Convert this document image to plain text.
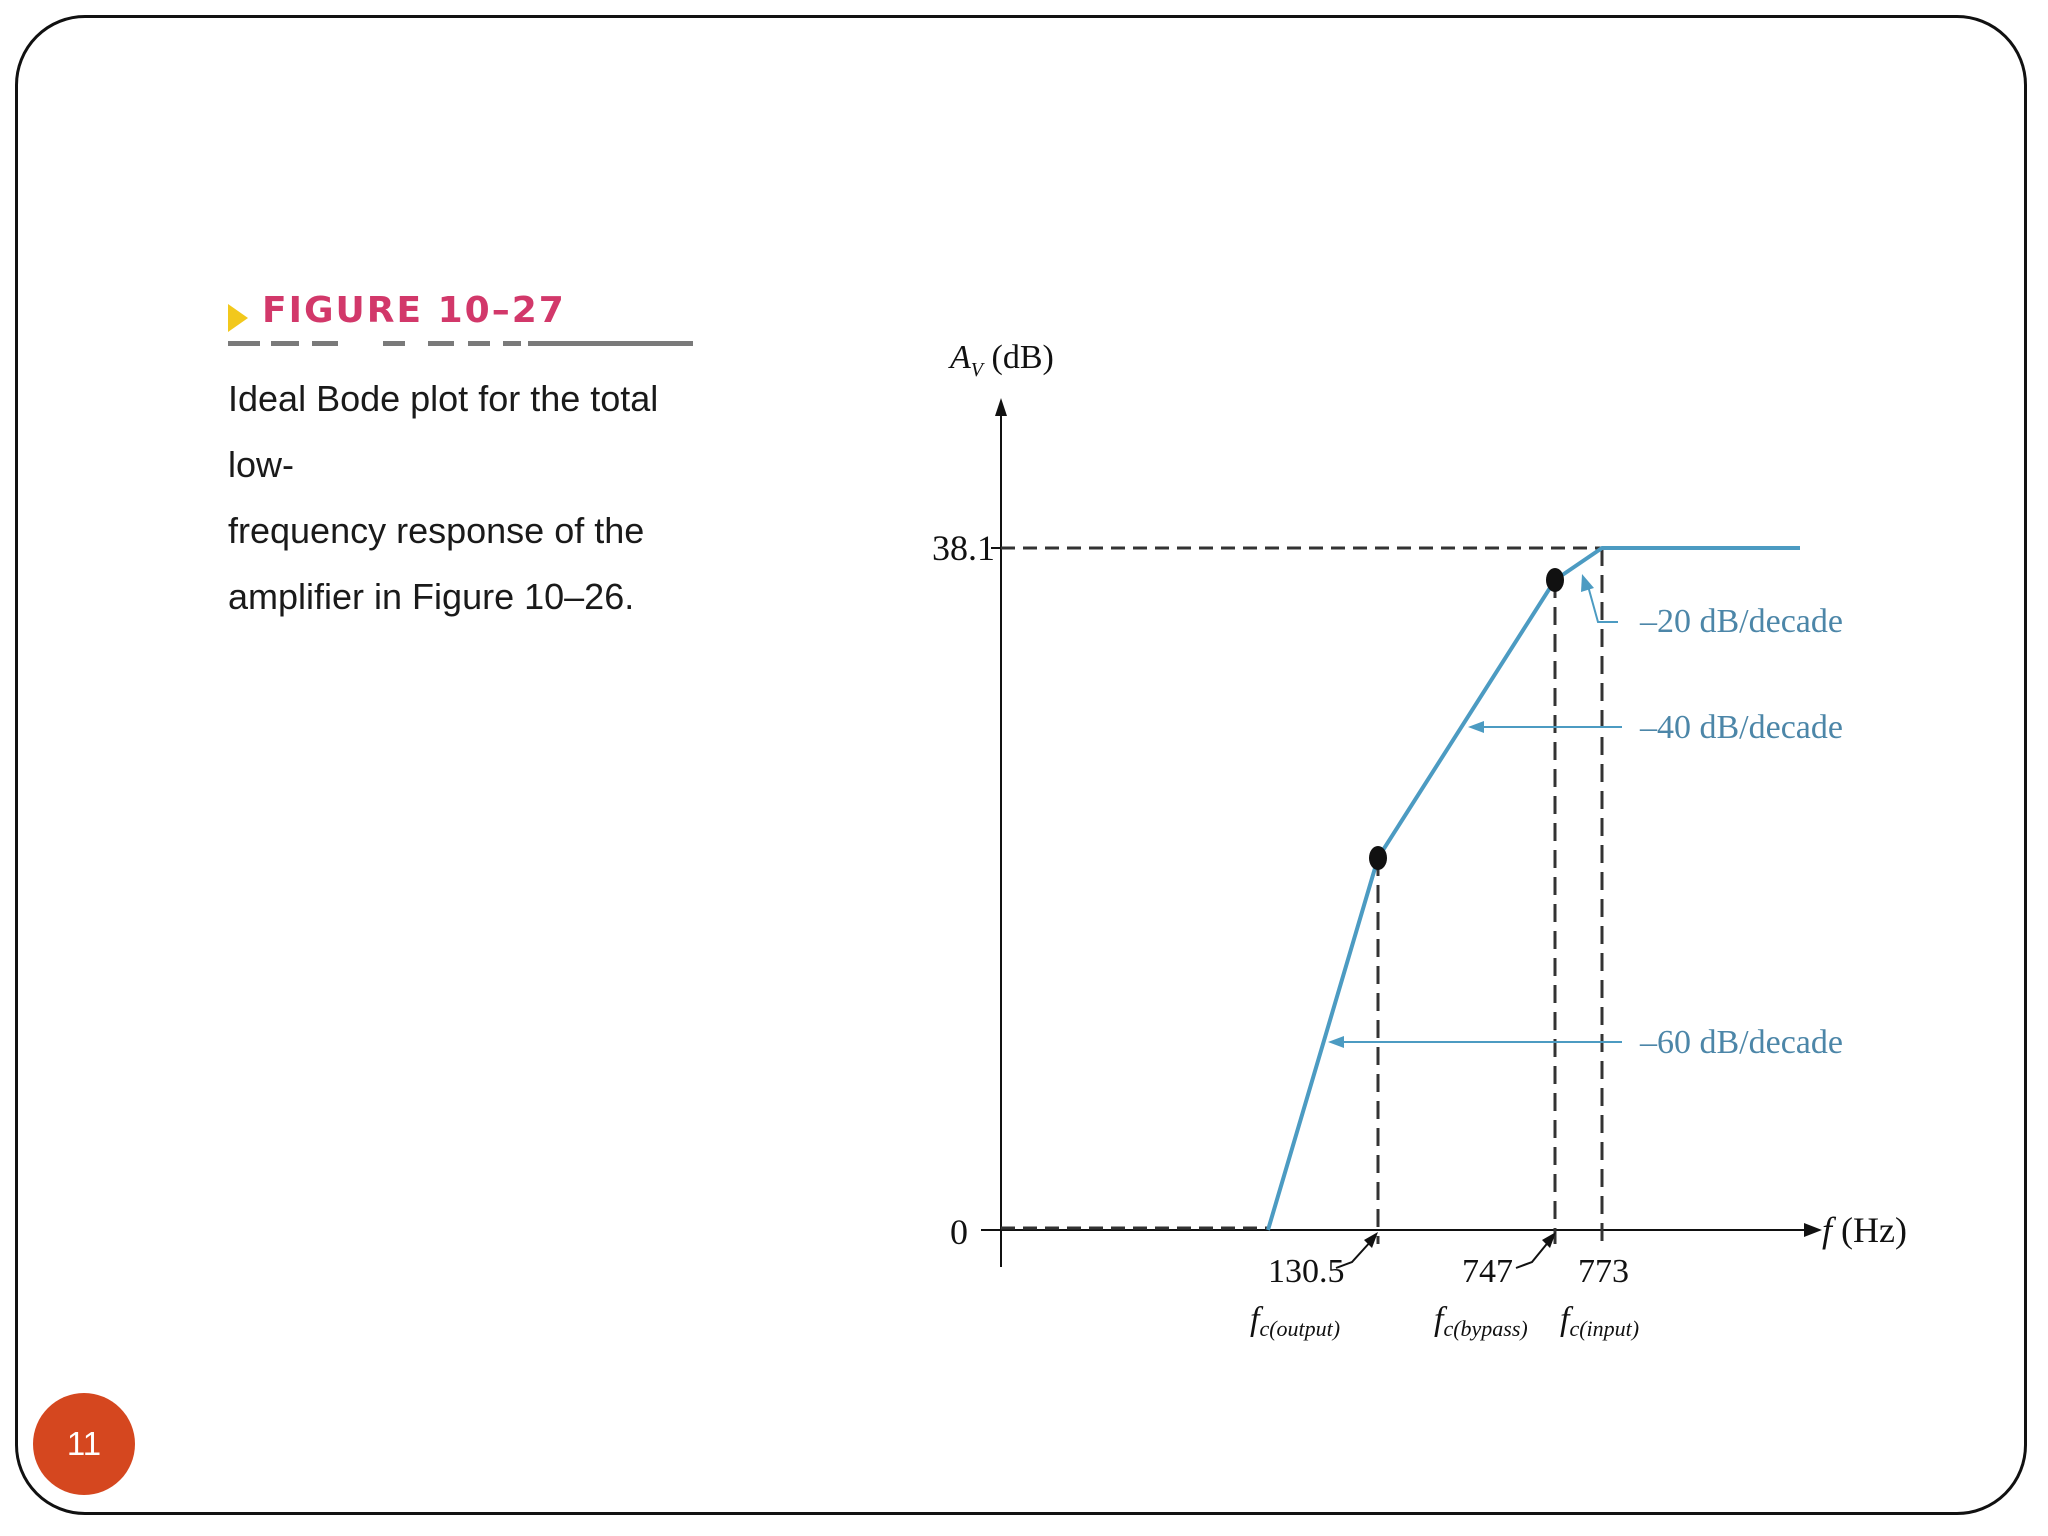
FIGURE 10–27
Ideal Bode plot for the total low-
frequency response of the
amplifier in Figure 10–26.
$A_V$ (dB)
38.1
0	f (Hz)
130.5	747 773
fc(output)	fc(bypass) fc(input)
–20 dB/decade
–40 dB/decade
–60 dB/decade
11
